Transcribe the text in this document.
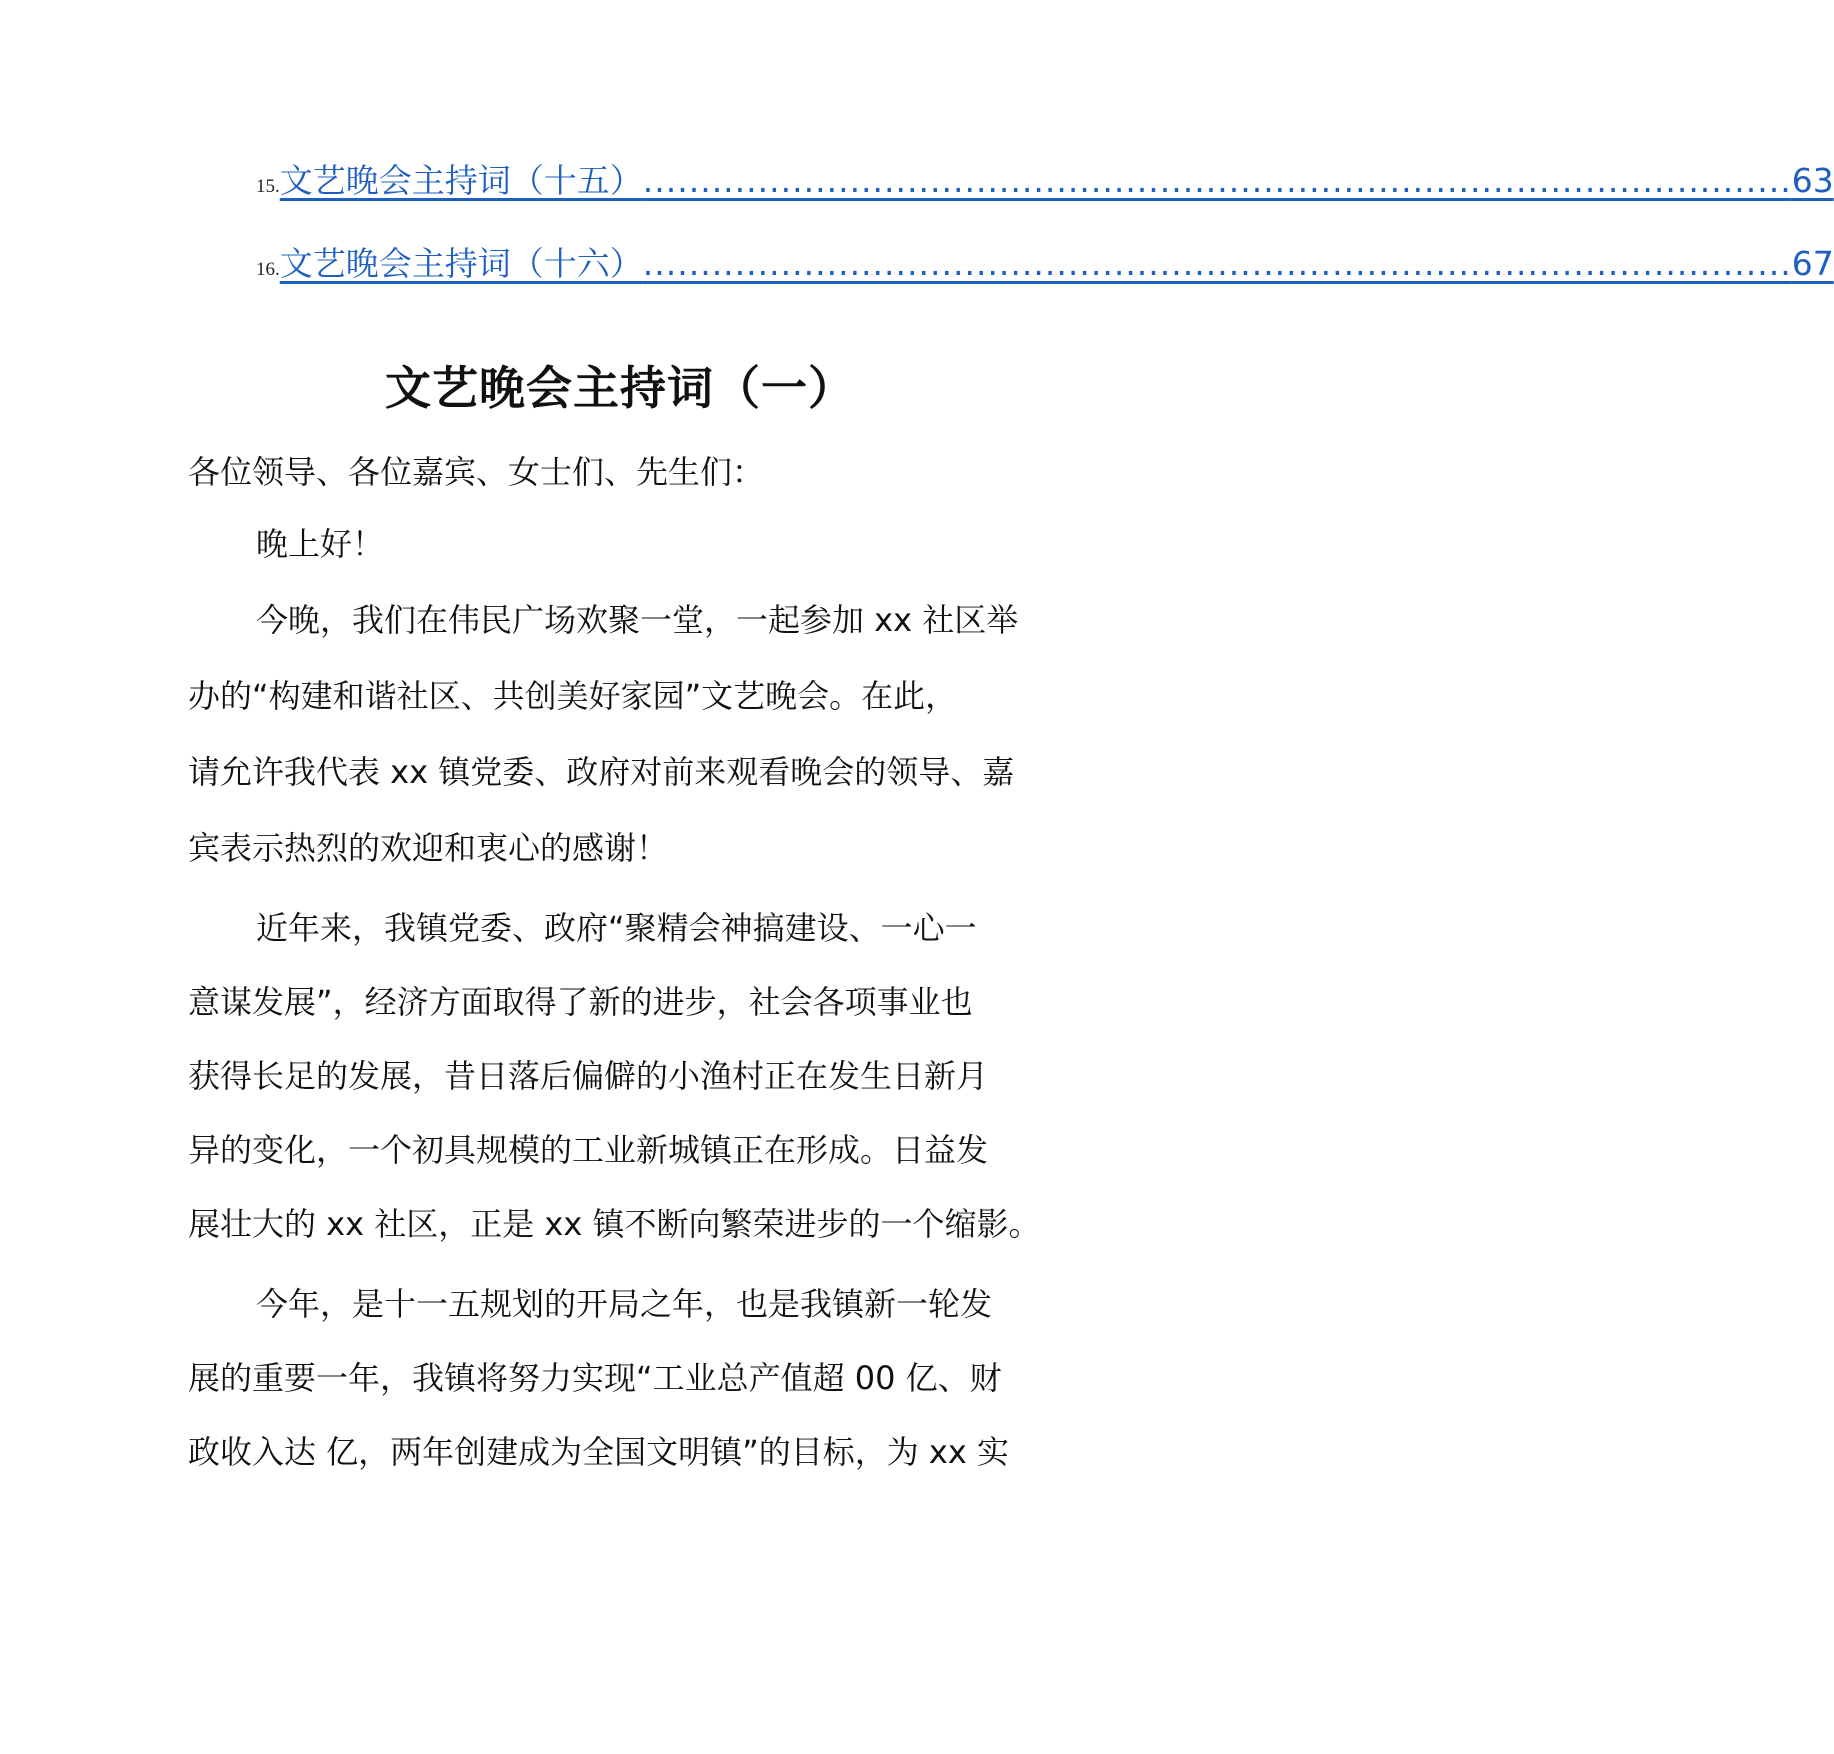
15. 文艺晚会主持词（十五） .................................................................................................... 63
16. 文艺晚会主持词（十六） .................................................................................................... 67
文艺晚会主持词（一）
各位领导、各位嘉宾、女士们、先生们：
晚上好！
今晚，我们在伟民广场欢聚一堂，一起参加 xx 社区举
办的“构建和谐社区、共创美好家园”文艺晚会。在此，
请允许我代表 xx 镇党委、政府对前来观看晚会的领导、嘉
宾表示热烈的欢迎和衷心的感谢！
近年来，我镇党委、政府“聚精会神搞建设、一心一
意谋发展”，经济方面取得了新的进步，社会各项事业也
获得长足的发展，昔日落后偏僻的小渔村正在发生日新月
异的变化，一个初具规模的工业新城镇正在形成。日益发
展壮大的 xx 社区，正是 xx 镇不断向繁荣进步的一个缩影。
今年，是十一五规划的开局之年，也是我镇新一轮发
展的重要一年，我镇将努力实现“工业总产值超 00 亿、财
政收入达 亿，两年创建成为全国文明镇”的目标，为 xx 实
